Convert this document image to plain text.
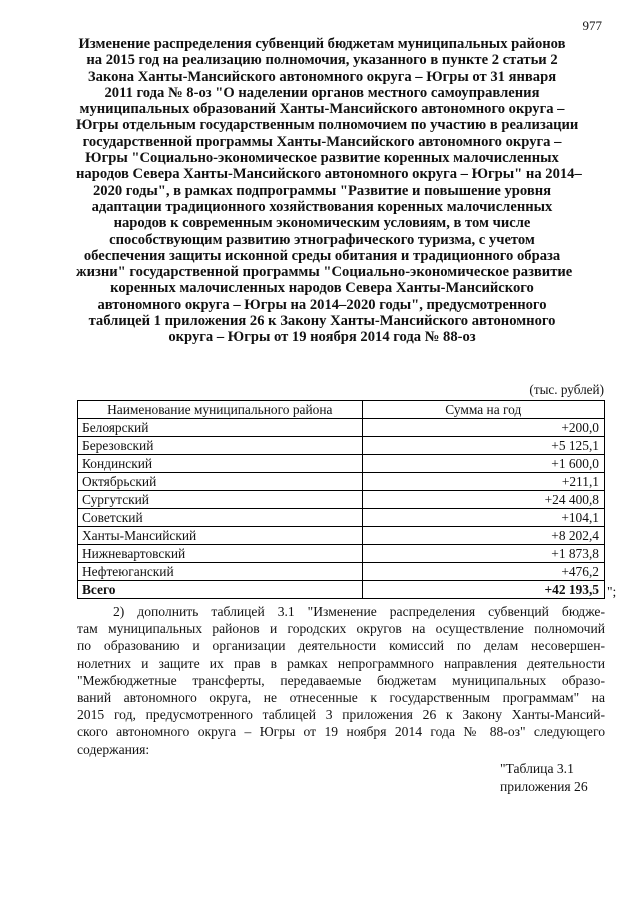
977
Изменение распределения субвенций бюджетам муниципальных районов
на 2015 год на реализацию полномочия, указанного в пункте 2 статьи 2
Закона Ханты-Мансийского автономного округа – Югры от 31 января
2011 года № 8-оз "О наделении органов местного самоуправления
муниципальных образований Ханты-Мансийского автономного округа –
Югры отдельным государственным полномочием по участию в реализации
государственной программы Ханты-Мансийского автономного округа –
Югры "Социально-экономическое развитие коренных малочисленных
народов Севера Ханты-Мансийского автономного округа – Югры" на 2014–
2020 годы", в рамках подпрограммы "Развитие и повышение уровня
адаптации традиционного хозяйствования коренных малочисленных
народов к современным экономическим условиям, в том числе
способствующим развитию этнографического туризма, с учетом
обеспечения защиты исконной среды обитания и традиционного образа
жизни" государственной программы "Социально-экономическое развитие
коренных малочисленных народов Севера Ханты-Мансийского
автономного округа – Югры на 2014–2020 годы", предусмотренного
таблицей 1 приложения 26 к Закону Ханты-Мансийского автономного
округа – Югры от 19 ноября 2014 года № 88-оз
(тыс. рублей)
Наименование муниципального района	Сумма на год
Белоярский	+200,0
Березовский	+5 125,1
Кондинский	+1 600,0
Октябрьский	+211,1
Сургутский	+24 400,8
Советский	+104,1
Ханты-Мансийский	+8 202,4
Нижневартовский	+1 873,8
Нефтеюганский	+476,2
Всего	+42 193,5 ";
2) дополнить таблицей 3.1 "Изменение распределения субвенций бюдже-
там муниципальных районов и городских округов на осуществление полномочий
по образованию и организации деятельности комиссий по делам несовершен-
нолетних и защите их прав в рамках непрограммного направления деятельности
"Межбюджетные трансферты, передаваемые бюджетам муниципальных образо-
ваний автономного округа, не отнесенные к государственным программам" на
2015 год, предусмотренного таблицей 3 приложения 26 к Закону Ханты-Мансий-
ского автономного округа – Югры от 19 ноября 2014 года № 88-оз" следующего
содержания:
"Таблица 3.1
приложения 26
